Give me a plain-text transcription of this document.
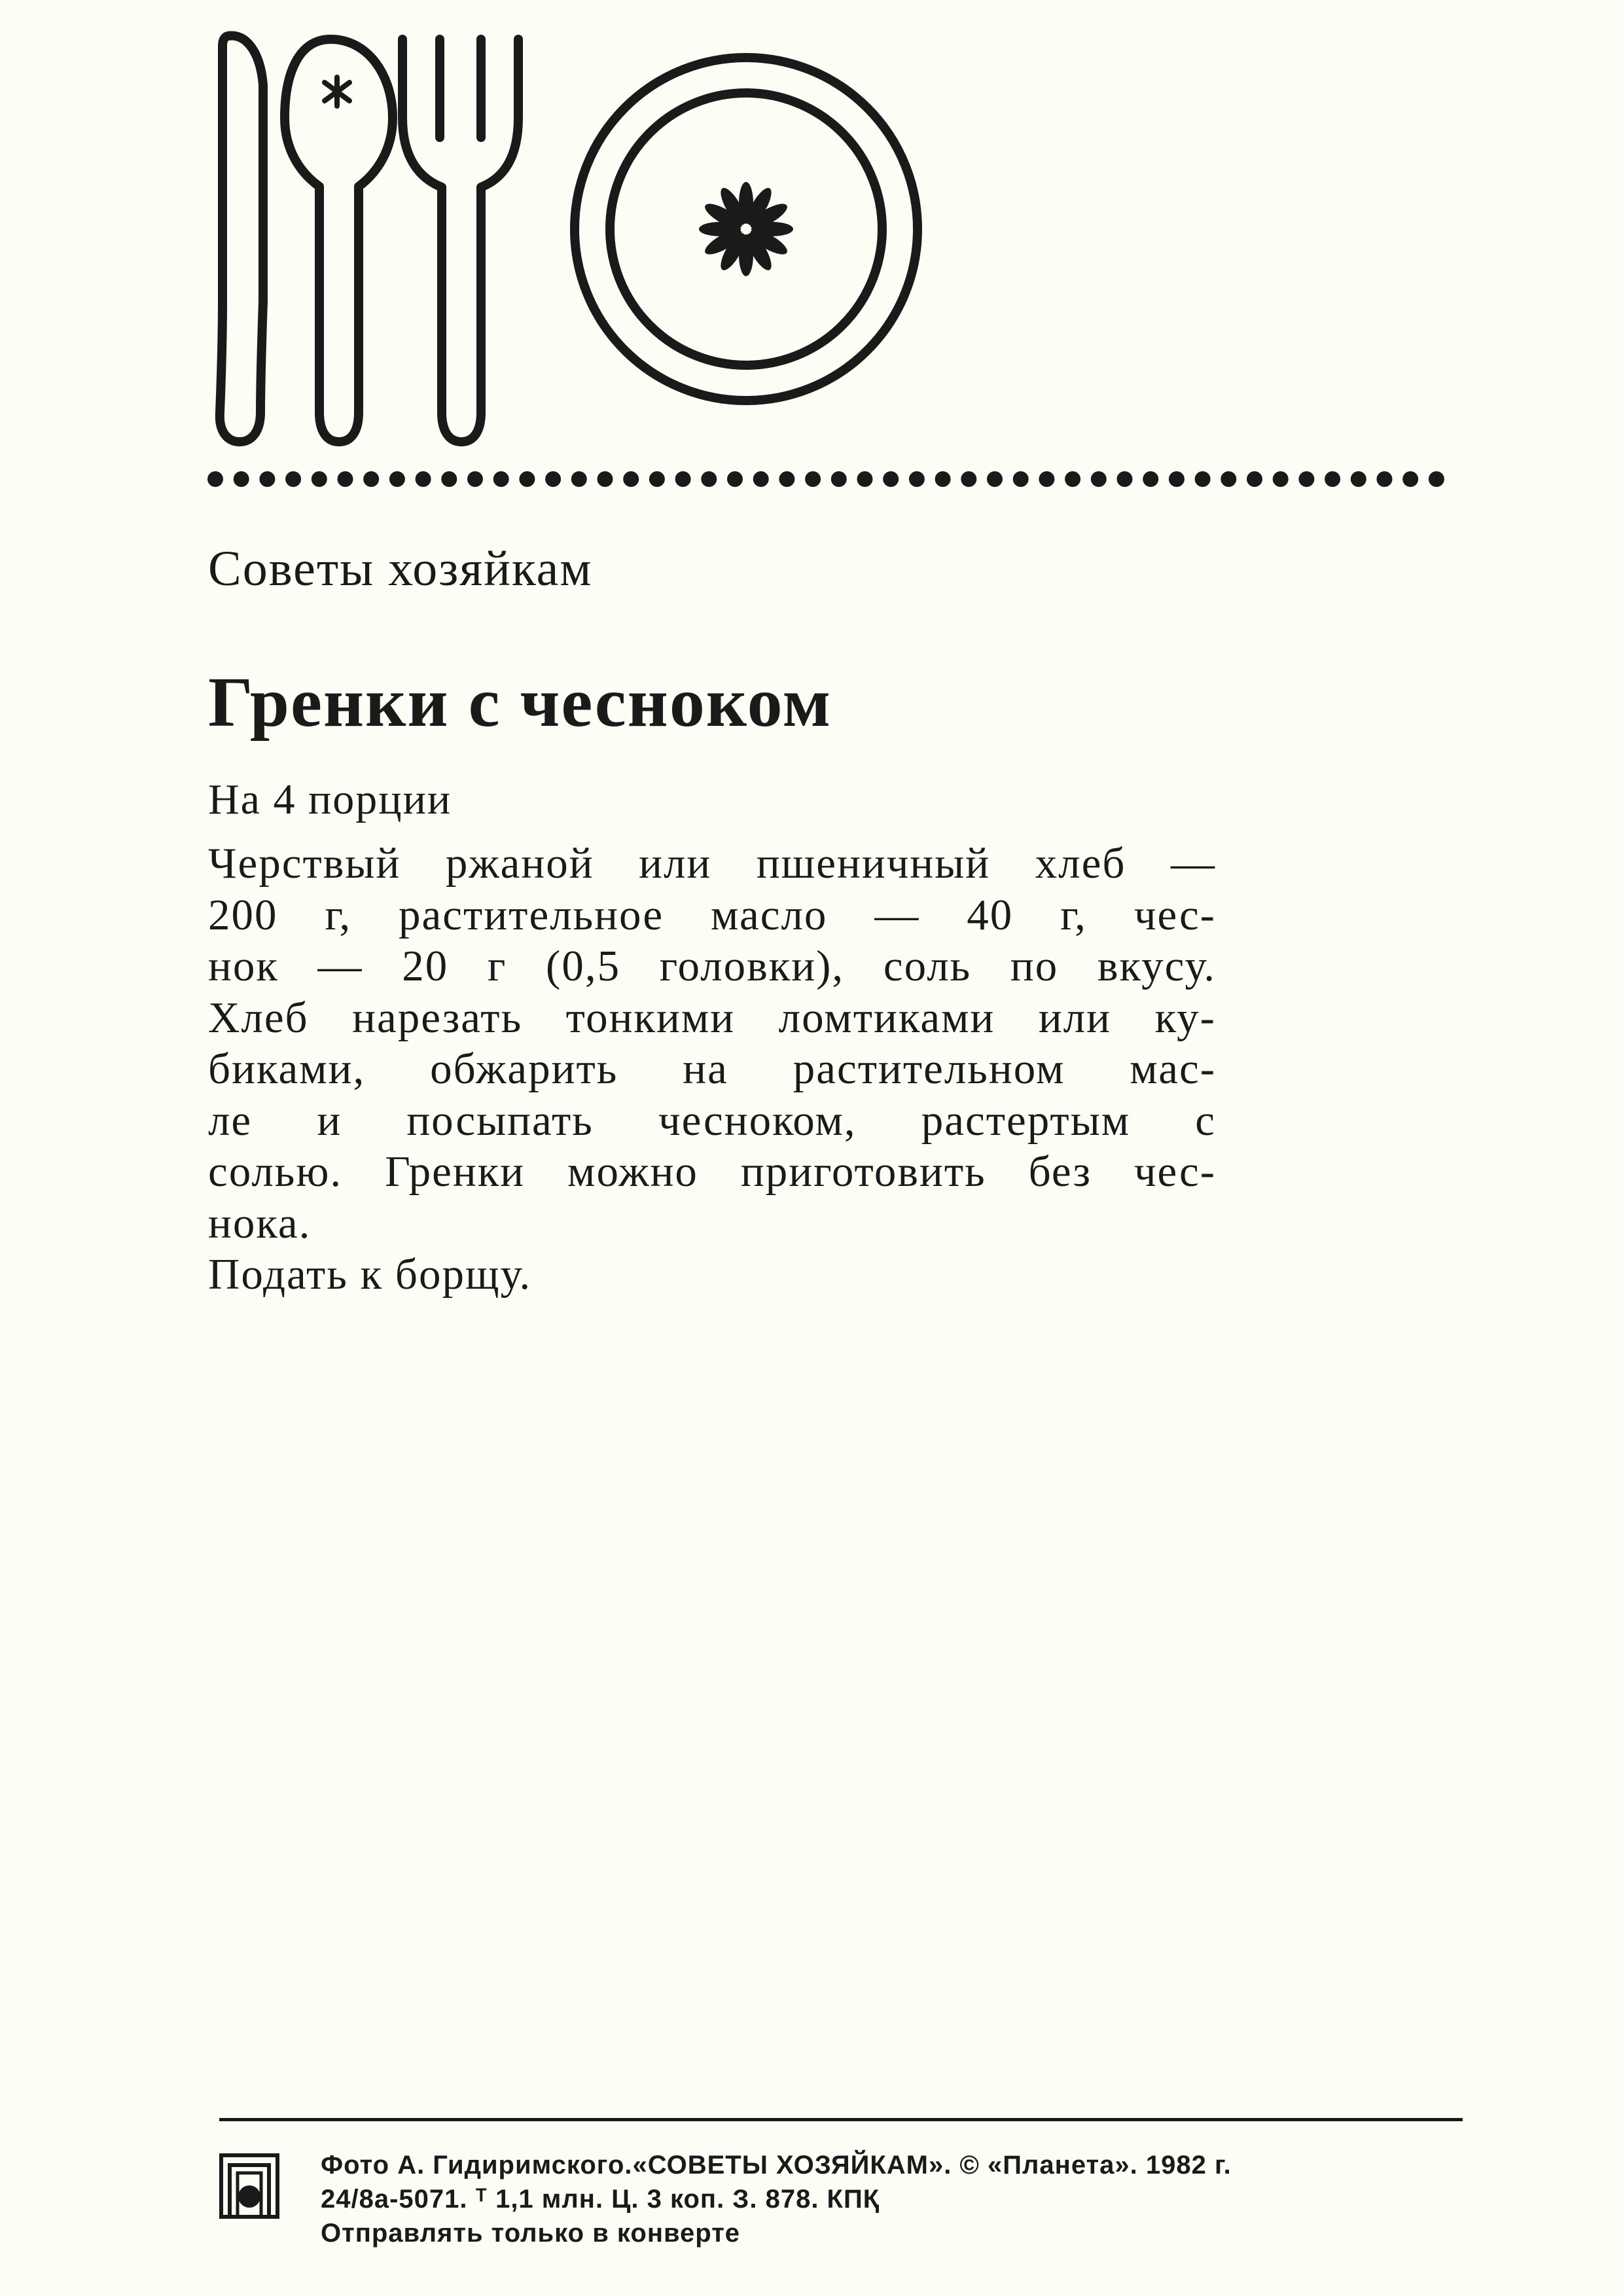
Советы хозяйкам
Гренки с чесноком
На 4 порции
Черствый ржаной или пшеничный хлеб —
200 г, растительное масло — 40 г, чес-
нок — 20 г (0,5 головки), соль по вкусу.
Хлеб нарезать тонкими ломтиками или ку-
биками, обжарить на растительном мас-
ле и посыпать чесноком, растертым с
солью. Гренки можно приготовить без чес-
нока.
Подать к борщу.
Фото А. Гидиримского.«СОВЕТЫ ХОЗЯЙКАМ». © «Планета». 1982 г.
24/8а-5071. ᵀ 1,1 млн. Ц. 3 коп. З. 878. КПҚ
Отправлять только в конверте
